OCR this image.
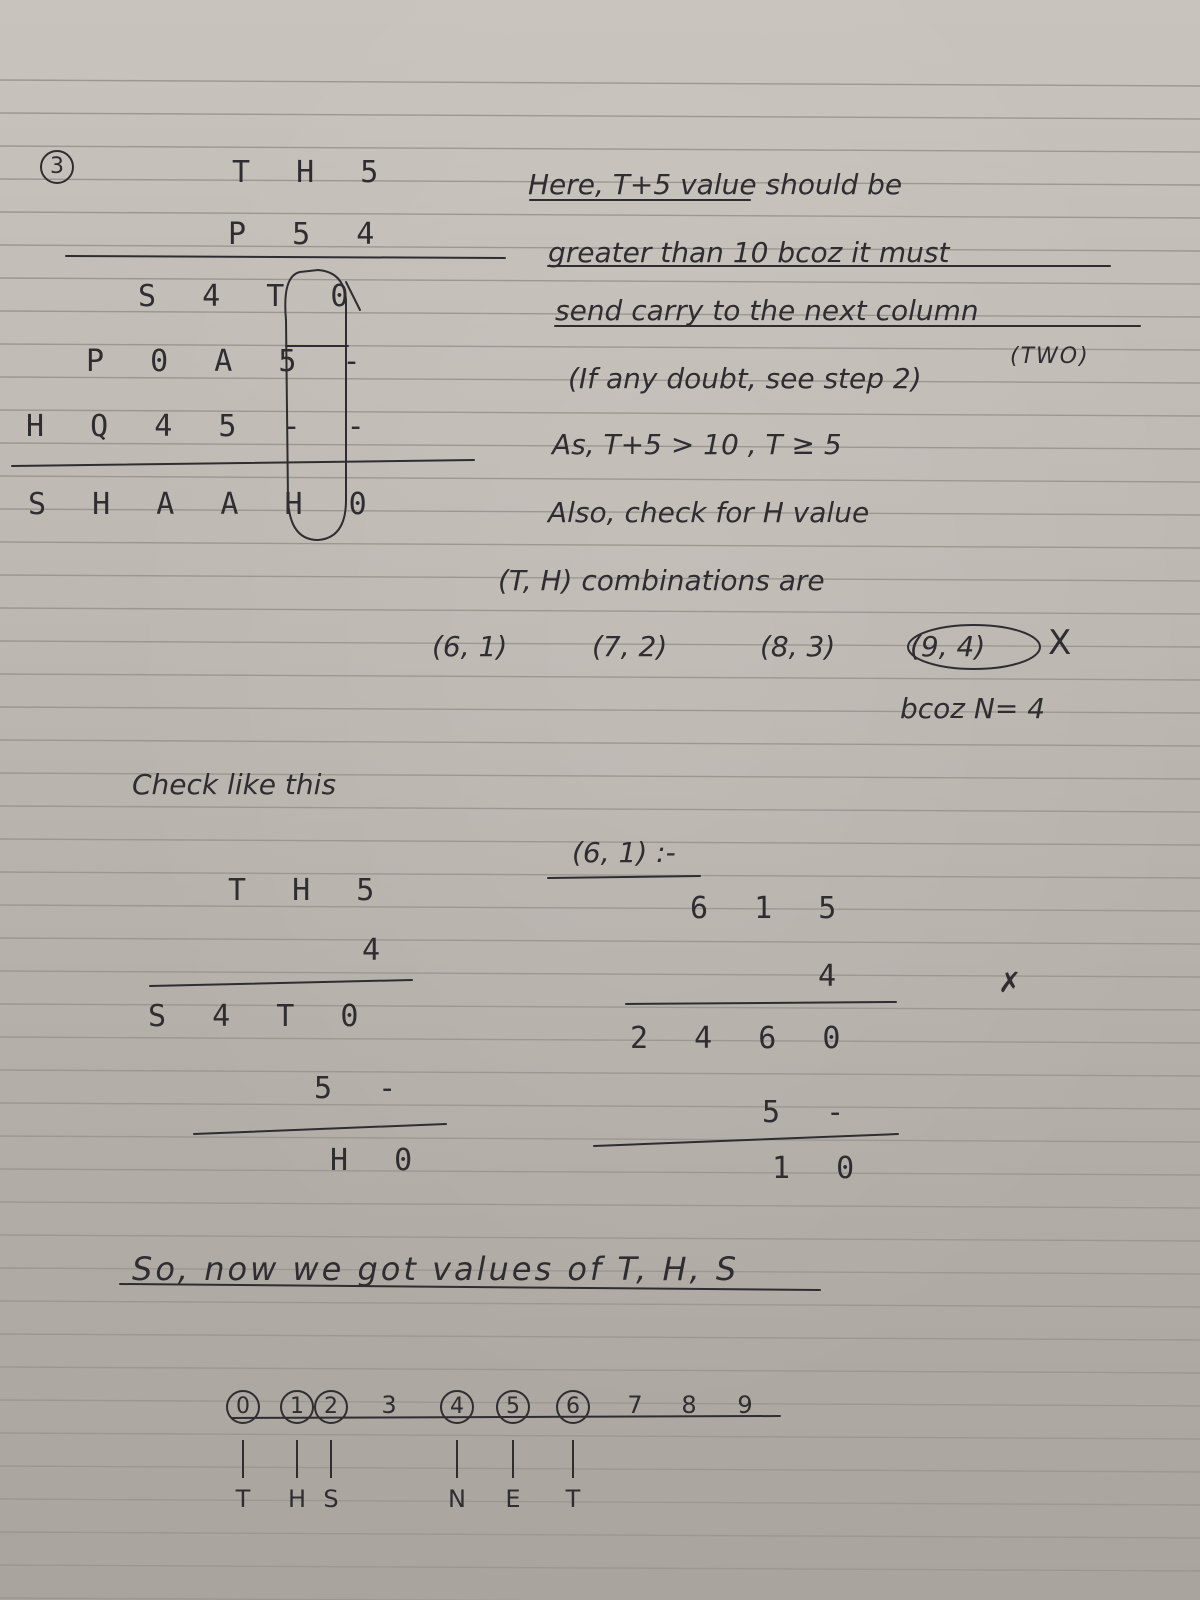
3	T H 5
P 5 4
S 4 T 0
P 0 A 5 -
H Q 4 5 - -
S H A A H 0
Here, T+5 value should be
greater than 10 bcoz it must
send carry to the next column
(TWO)
(If any doubt, see step 2)
As, T+5 > 10 , T ≥ 5
Also, check for H value
(T, H) combinations are
(6, 1)	(7, 2)	(8, 3)	(9, 4) X
bcoz N= 4
Check like this
T H 5
4
S 4 T 0
5 -
H 0
(6, 1) :-
6 1 5
4
2 4 6 0
5 -
1 0
✗
So, now we got values of T, H, S
0	1 2	3	4	5	6	7	8	9
T	H S	N	E	T
